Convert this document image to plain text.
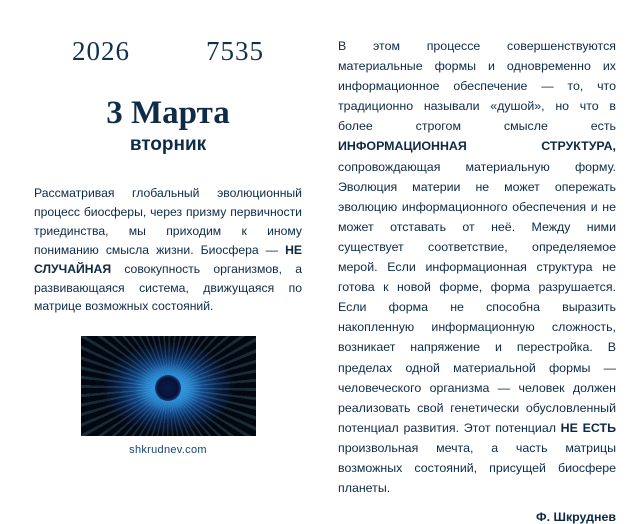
2026	7535
3 Марта
вторник
Рассматривая глобальный эволюционный процесс биосферы, через призму первичности триединства, мы приходим к иному пониманию смысла жизни. Биосфера — НЕ СЛУЧАЙНАЯ совокупность организмов, а развивающаяся система, движущаяся по матрице возможных состояний.
shkrudnev.com
В этом процессе совершенствуются материальные формы и одновременно их информационное обеспечение — то, что традиционно называли «душой», но что в более строгом смысле есть ИНФОРМАЦИОННАЯ СТРУКТУРА, сопровождающая материальную форму. Эволюция материи не может опережать эволюцию информационного обеспечения и не может отставать от неё. Между ними существует соответствие, определяемое мерой. Если информационная структура не готова к новой форме, форма разрушается. Если форма не способна выразить накопленную информационную сложность, возникает напряжение и перестройка. В пределах одной материальной формы — человеческого организма — человек должен реализовать свой генетически обусловленный потенциал развития. Этот потенциал НЕ ЕСТЬ произвольная мечта, а часть матрицы возможных состояний, присущей биосфере планеты.
Ф. Шкруднев
